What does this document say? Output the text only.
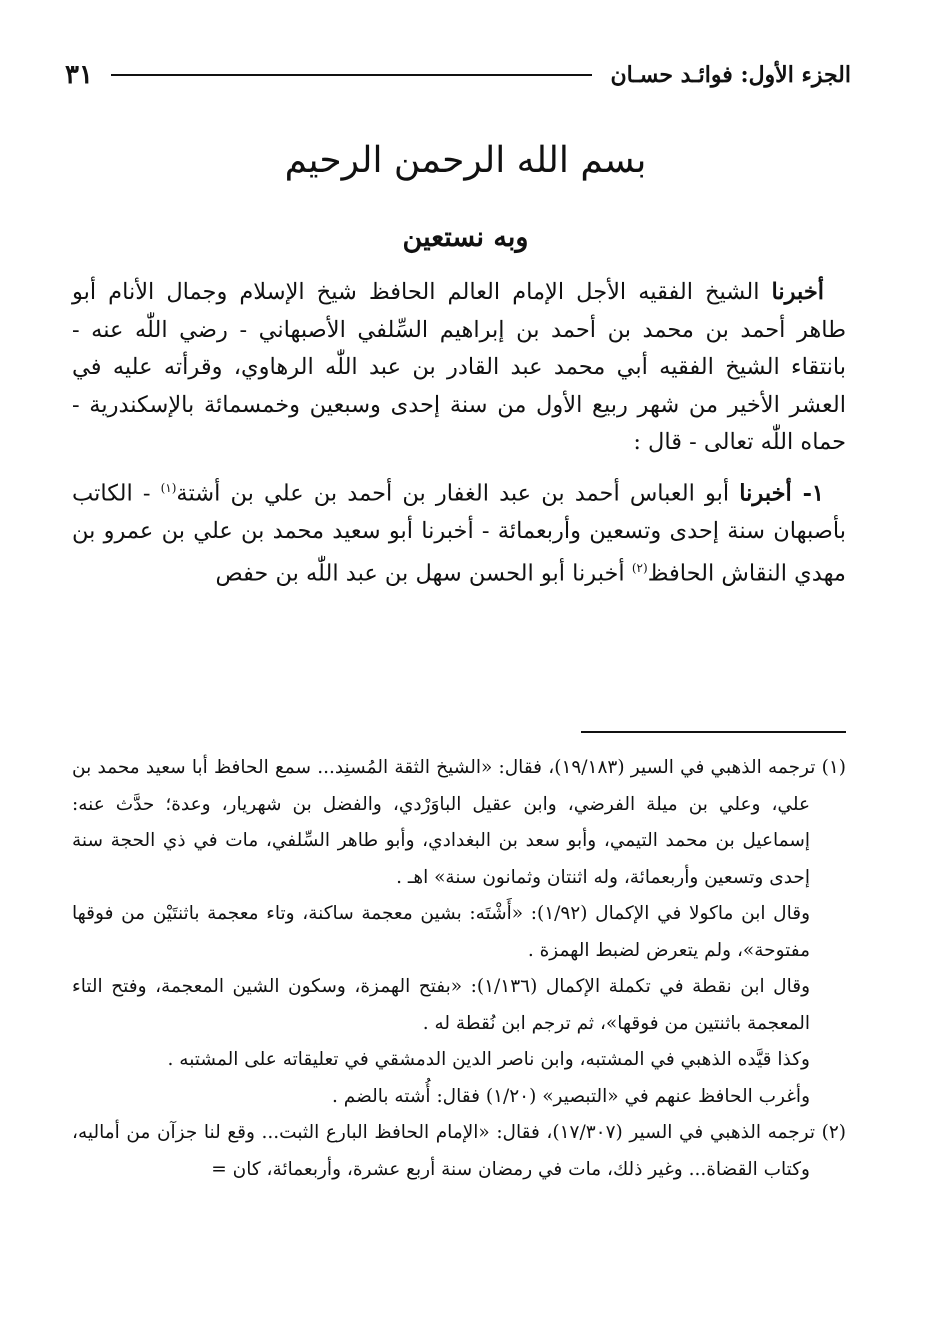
الجزء الأول: فوائـد حسـان
٣١
بسم الله الرحمن الرحيم
وبه نستعين

أخبرنا الشيخ الفقيه الأجل الإمام العالم الحافظ شيخ الإسلام وجمال الأنام أبو طاهر أحمد بن محمد بن أحمد بن إبراهيم السِّلفي الأصبهاني - رضي اللّٰه عنه - بانتقاء الشيخ الفقيه أبي محمد عبد القادر بن عبد اللّٰه الرهاوي، وقرأته عليه في العشر الأخير من شهر ربيع الأول من سنة إحدى وسبعين وخمسمائة بالإسكندرية - حماه اللّٰه تعالى - قال :

١- أخبرنا أبو العباس أحمد بن عبد الغفار بن أحمد بن علي بن أشتة$^{(١)}$ - الكاتب بأصبهان سنة إحدى وتسعين وأربعمائة - أخبرنا أبو سعيد محمد بن علي بن عمرو بن مهدي النقاش الحافظ$^{(٢)}$ أخبرنا أبو الحسن سهل بن عبد اللّٰه بن حفص

(١) ترجمه الذهبي في السير (١٩/١٨٣)، فقال: «الشيخ الثقة المُسنِد... سمع الحافظ أبا سعيد محمد بن علي، وعلي بن ميلة الفرضي، وابن عقيل الباوَرْدي، والفضل بن شهريار، وعدة؛ حدَّث عنه: إسماعيل بن محمد التيمي، وأبو سعد بن البغدادي، وأبو طاهر السِّلفي، مات في ذي الحجة سنة إحدى وتسعين وأربعمائة، وله اثنتان وثمانون سنة» اهـ .

وقال ابن ماكولا في الإكمال (١/٩٢): «أَشْتَه: بشين معجمة ساكنة، وتاء معجمة باثنتَيْن من فوقها مفتوحة»، ولم يتعرض لضبط الهمزة .

وقال ابن نقطة في تكملة الإكمال (١/١٣٦): «بفتح الهمزة، وسكون الشين المعجمة، وفتح التاء المعجمة باثنتين من فوقها»، ثم ترجم ابن نُقطة له .

وكذا قيَّده الذهبي في المشتبه، وابن ناصر الدين الدمشقي في تعليقاته على المشتبه .

وأغرب الحافظ عنهم في «التبصير» (١/٢٠) فقال: أُشته بالضم .

(٢) ترجمه الذهبي في السير (١٧/٣٠٧)، فقال: «الإمام الحافظ البارع الثبت... وقع لنا جزآن من أماليه، وكتاب القضاة... وغير ذلك، مات في رمضان سنة أربع عشرة، وأربعمائة، كان =
